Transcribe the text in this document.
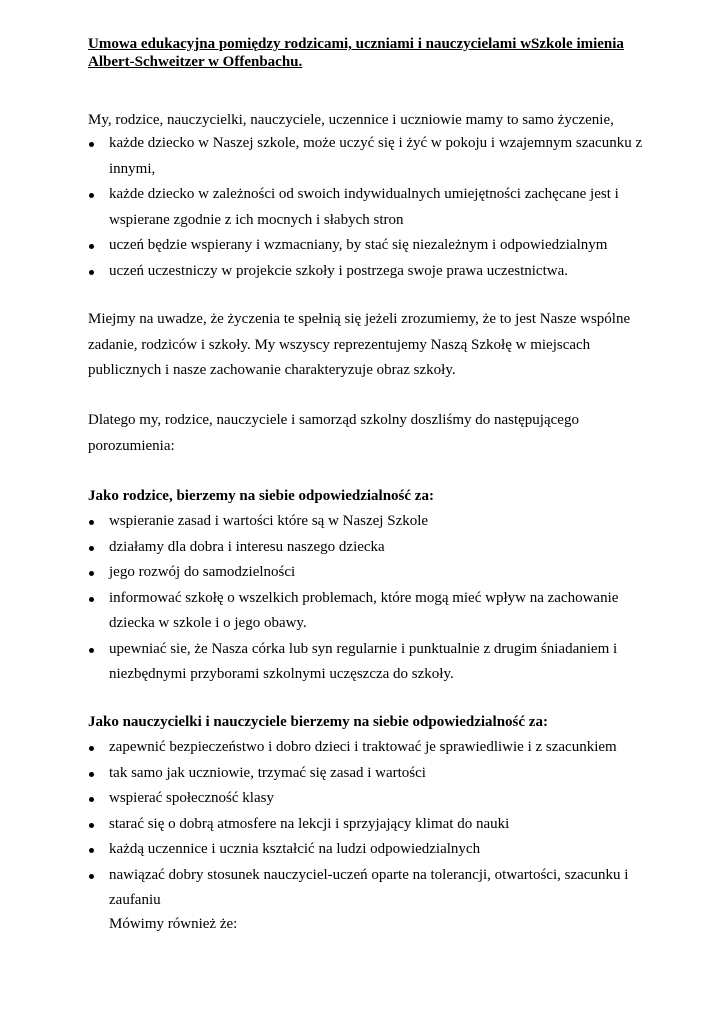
Umowa edukacyjna pomiędzy rodzicami, uczniami i nauczycielami wSzkole imienia Albert-Schweitzer w Offenbachu.

My, rodzice, nauczycielki, nauczyciele, uczennice i uczniowie mamy to samo życzenie,

każde dziecko w Naszej szkole, może uczyć się i żyć w pokoju i wzajemnym szacunku z innymi,
każde dziecko w zależności od swoich indywidualnych umiejętności zachęcane jest i wspierane zgodnie z ich mocnych i słabych stron
uczeń będzie wspierany i wzmacniany, by stać się niezależnym i odpowiedzialnym
uczeń uczestniczy w projekcie szkoły i postrzega swoje prawa uczestnictwa.

Miejmy na uwadze, że życzenia te spełnią się jeżeli zrozumiemy, że to jest Nasze wspólne zadanie, rodziców i szkoły. My wszyscy reprezentujemy Naszą Szkołę w miejscach publicznych i nasze zachowanie charakteryzuje obraz szkoły.

Dlatego my, rodzice, nauczyciele i samorząd szkolny doszliśmy do następującego porozumienia:

Jako rodzice, bierzemy na siebie odpowiedzialność za:

wspieranie zasad i wartości które są w Naszej Szkole
działamy dla dobra i interesu naszego dziecka
jego rozwój do samodzielności
informować szkołę o wszelkich problemach, które mogą mieć wpływ na zachowanie dziecka w szkole i o jego obawy.
upewniać sie, że Nasza córka lub syn regularnie i punktualnie z drugim śniadaniem i niezbędnymi przyborami szkolnymi uczęszcza do szkoły.

Jako nauczycielki i nauczyciele bierzemy na siebie odpowiedzialność za:

zapewnić bezpieczeństwo i dobro dzieci i traktować je sprawiedliwie i z szacunkiem
tak samo jak uczniowie, trzymać się zasad i wartości
wspierać społeczność klasy
starać się o dobrą atmosfere na lekcji i sprzyjający klimat do nauki
każdą uczennice i ucznia kształcić na ludzi odpowiedzialnych
nawiązać dobry stosunek nauczyciel-uczeń oparte na tolerancji, otwartości, szacunku i zaufaniu

Mówimy również że:
